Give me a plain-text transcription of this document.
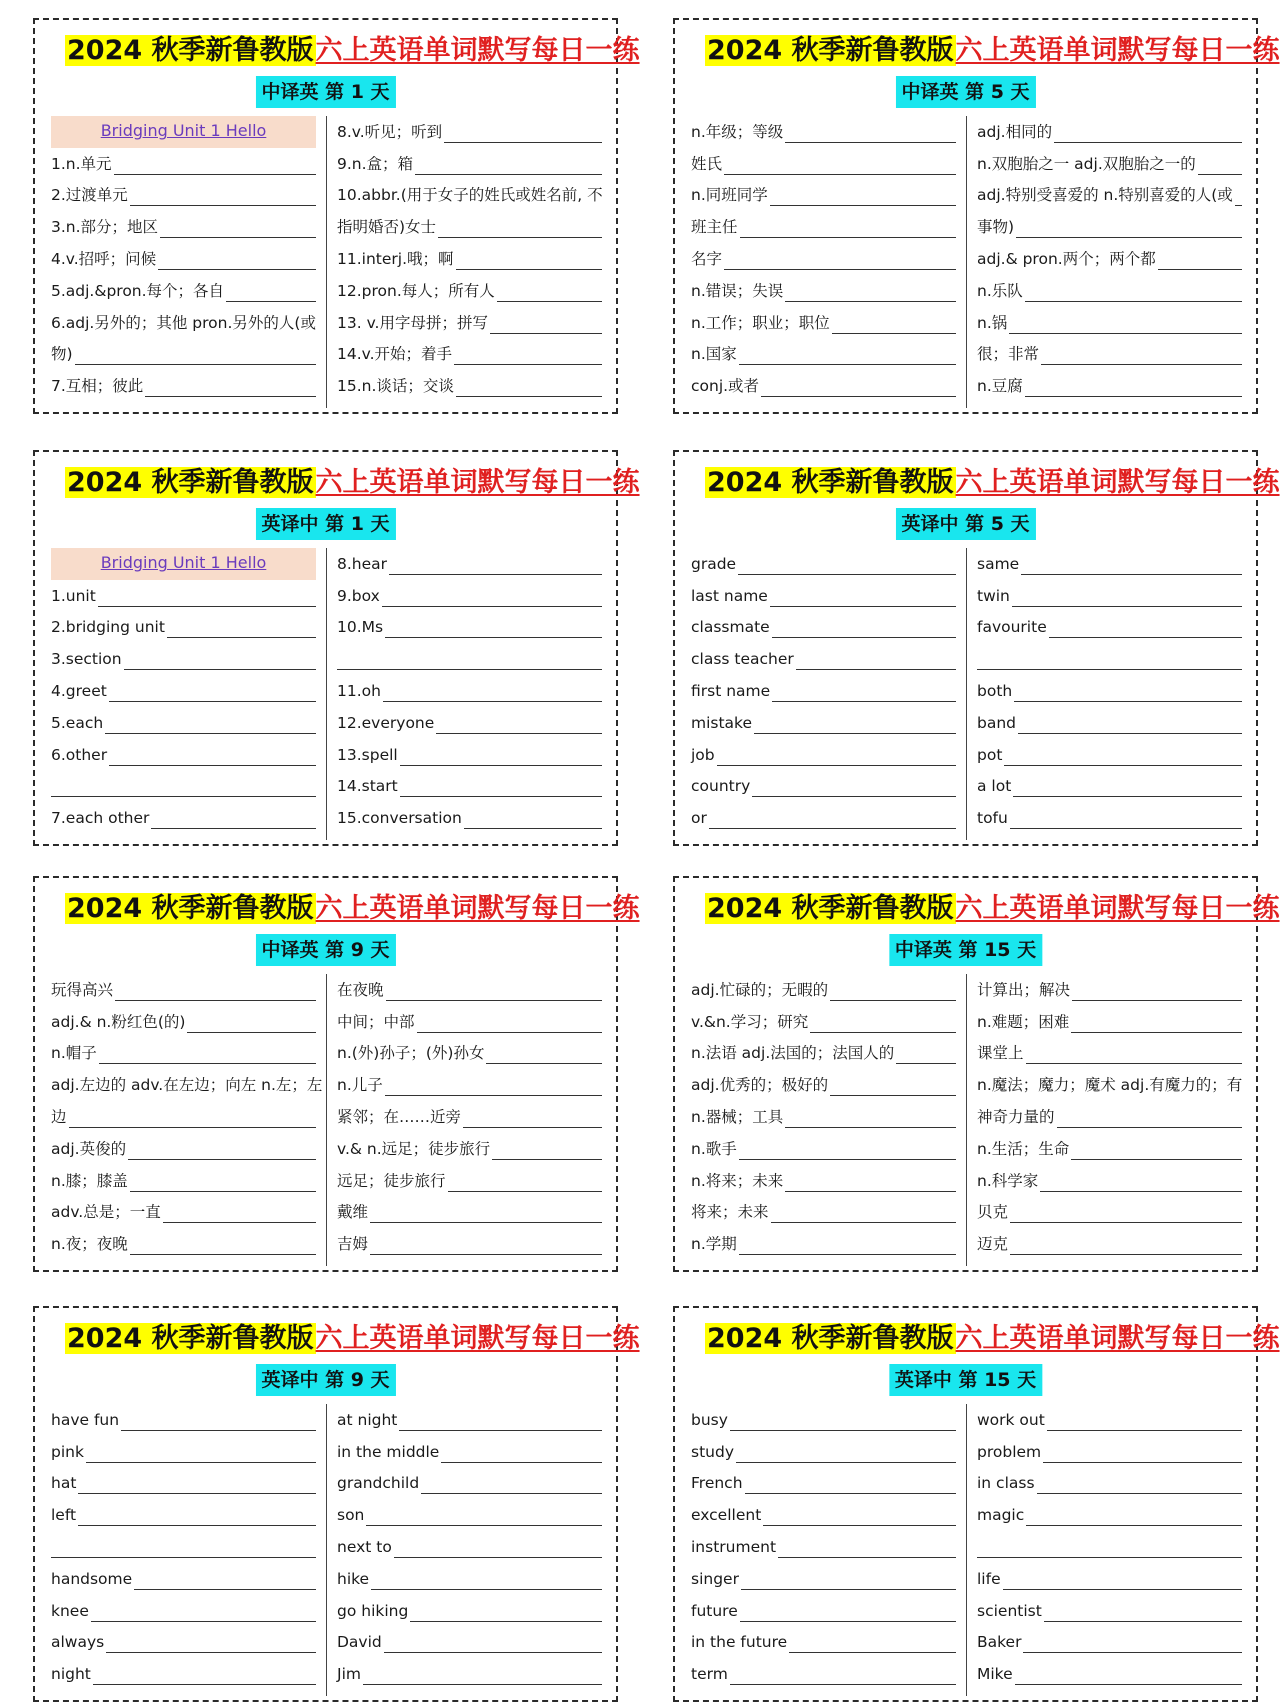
2024 秋季新鲁教版六上英语单词默写每日一练
中译英 第 1 天
Bridging Unit 1 Hello
1.n.单元
2.过渡单元
3.n.部分；地区
4.v.招呼；问候
5.adj.&pron.每个；各自
6.adj.另外的；其他 pron.另外的人(或
物)
7.互相；彼此
8.v.听见；听到
9.n.盒；箱
10.abbr.(用于女子的姓氏或姓名前, 不
指明婚否)女士
11.interj.哦；啊
12.pron.每人；所有人
13. v.用字母拼；拼写
14.v.开始；着手
15.n.谈话；交谈
2024 秋季新鲁教版六上英语单词默写每日一练
中译英 第 5 天
n.年级；等级
姓氏
n.同班同学
班主任
名字
n.错误；失误
n.工作；职业；职位
n.国家
conj.或者
adj.相同的
n.双胞胎之一 adj.双胞胎之一的
adj.特别受喜爱的 n.特别喜爱的人(或
事物)
adj.& pron.两个；两个都
n.乐队
n.锅
很；非常
n.豆腐
2024 秋季新鲁教版六上英语单词默写每日一练
英译中 第 1 天
Bridging Unit 1 Hello
1.unit
2.bridging unit
3.section
4.greet
5.each
6.other
7.each other
8.hear
9.box
10.Ms
11.oh
12.everyone
13.spell
14.start
15.conversation
2024 秋季新鲁教版六上英语单词默写每日一练
英译中 第 5 天
grade
last name
classmate
class teacher
first name
mistake
job
country
or
same
twin
favourite
both
band
pot
a lot
tofu
2024 秋季新鲁教版六上英语单词默写每日一练
中译英 第 9 天
玩得高兴
adj.& n.粉红色(的)
n.帽子
adj.左边的 adv.在左边；向左 n.左；左
边
adj.英俊的
n.膝；膝盖
adv.总是；一直
n.夜；夜晚
在夜晚
中间；中部
n.(外)孙子；(外)孙女
n.儿子
紧邻；在……近旁
v.& n.远足；徒步旅行
远足；徒步旅行
戴维
吉姆
2024 秋季新鲁教版六上英语单词默写每日一练
中译英 第 15 天
adj.忙碌的；无暇的
v.&n.学习；研究
n.法语 adj.法国的；法国人的
adj.优秀的；极好的
n.器械；工具
n.歌手
n.将来；未来
将来；未来
n.学期
计算出；解决
n.难题；困难
课堂上
n.魔法；魔力；魔术 adj.有魔力的；有
神奇力量的
n.生活；生命
n.科学家
贝克
迈克
2024 秋季新鲁教版六上英语单词默写每日一练
英译中 第 9 天
have fun
pink
hat
left
handsome
knee
always
night
at night
in the middle
grandchild
son
next to
hike
go hiking
David
Jim
2024 秋季新鲁教版六上英语单词默写每日一练
英译中 第 15 天
busy
study
French
excellent
instrument
singer
future
in the future
term
work out
problem
in class
magic
life
scientist
Baker
Mike
